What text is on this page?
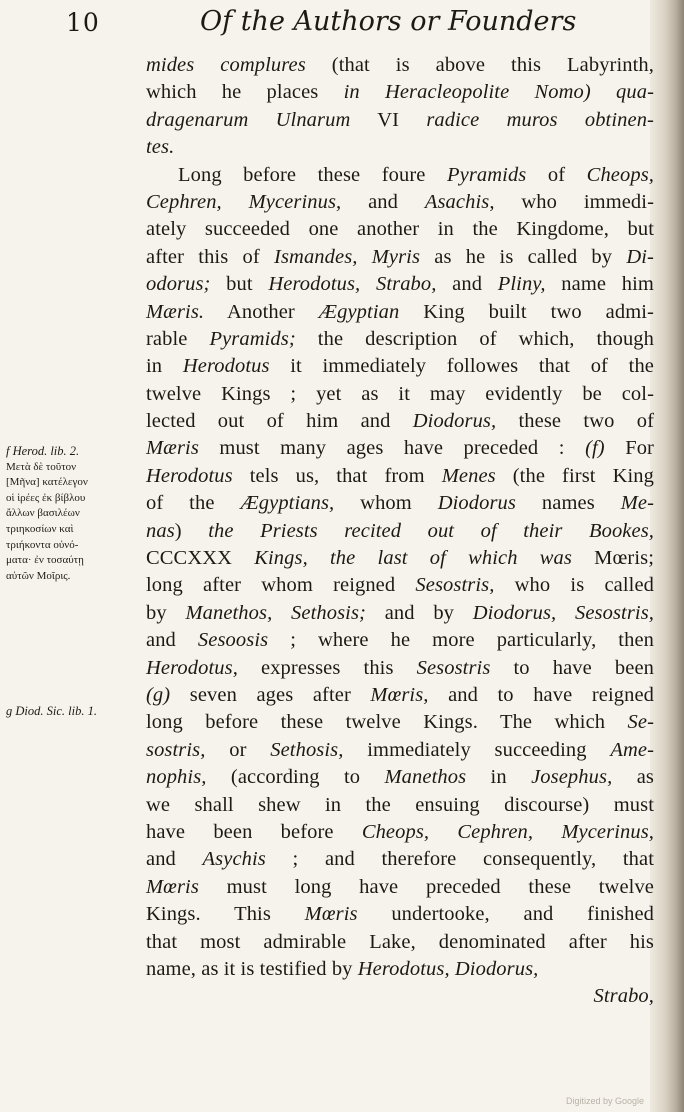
10	Of the Authors or Founders
mides complures (that is above this Labyrinth,
which he places in Heracleopolite Nomo) qua-
dragenarum Ulnarum VI radice muros obtinen-
tes.
Long before these foure Pyramids of Cheops,
Cephren, Mycerinus, and Asachis, who immedi-
ately succeeded one another in the Kingdome, but
after this of Ismandes, Myris as he is called by Di-
odorus; but Herodotus, Strabo, and Pliny, name him
Mæris. Another Ægyptian King built two admi-
rable Pyramids; the description of which, though
in Herodotus it immediately followes that of the
twelve Kings ; yet as it may evidently be col-
lected out of him and Diodorus, these two of
Mæris must many ages have preceded : (f) For
Herodotus tels us, that from Menes (the first King
of the Ægyptians, whom Diodorus names Me-
nas) the Priests recited out of their Bookes,
CCCXXX Kings, the last of which was Mœris;
long after whom reigned Sesostris, who is called
by Manethos, Sethosis; and by Diodorus, Sesostris,
and Sesoosis ; where he more particularly, then
Herodotus, expresses this Sesostris to have been
(g) seven ages after Mœris, and to have reigned
long before these twelve Kings. The which Se-
sostris, or Sethosis, immediately succeeding Ame-
nophis, (according to Manethos in Josephus, as
we shall shew in the ensuing discourse) must
have been before Cheops, Cephren, Mycerinus,
and Asychis ; and therefore consequently, that
Mœris must long have preceded these twelve
Kings. This Mœris undertooke, and finished
that most admirable Lake, denominated after his
name, as it is testified by Herodotus, Diodorus,
Strabo,
f Herod. lib. 2.
Μετὰ δὲ τοῦτον
[Μῆνα] κατέλεγον
οἱ ἱρέες ἐκ βίβλου
ἄλλων βασιλέων
τριηκοσίων καὶ
τριήκοντα οὐνό-
ματα· ἐν τοσαύτῃ
αὐτῶν Μοῖρις.
g Diod. Sic. lib. 1.
Digitized by Google
